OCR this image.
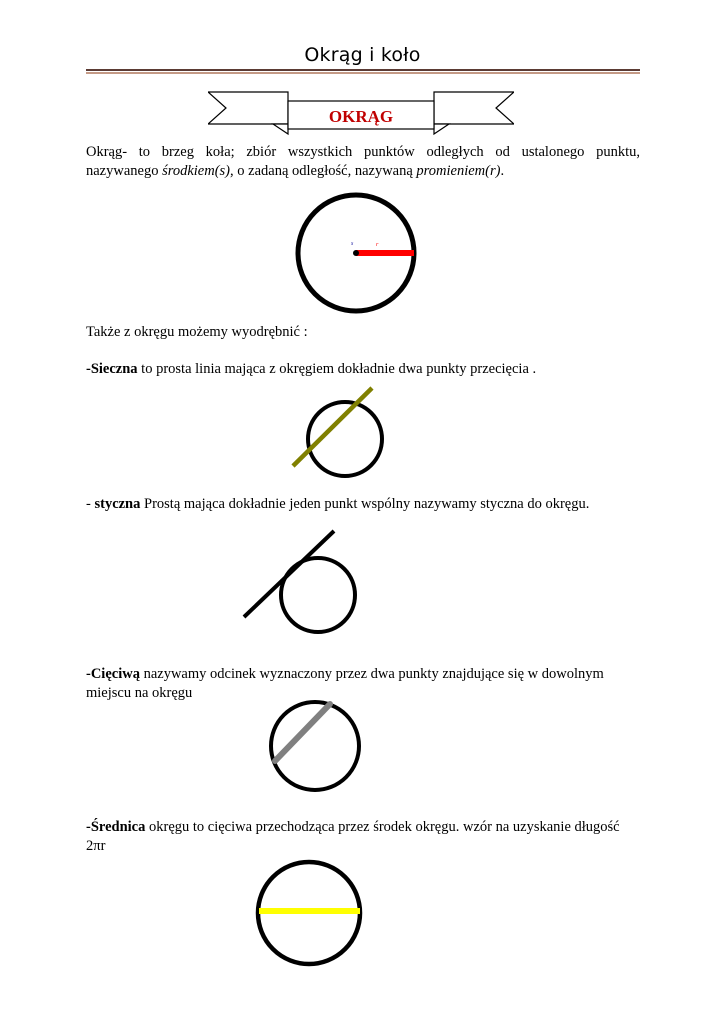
Okrąg i koło
OKRĄG
Okrąg- to brzeg koła; zbiór wszystkich punktów odległych od ustalonego punktu,
nazywanego środkiem(s), o zadaną odległość, nazywaną promieniem(r).
s	r
Także z okręgu możemy wyodrębnić :
-Sieczna to prosta linia mająca z okręgiem dokładnie dwa punkty przecięcia .
- styczna Prostą mająca dokładnie jeden punkt wspólny nazywamy styczna do okręgu.
-Cięciwą nazywamy odcinek wyznaczony przez dwa punkty znajdujące się w dowolnym
miejscu na okręgu
-Średnica okręgu to cięciwa przechodząca przez środek okręgu. wzór na uzyskanie długość
2πr
